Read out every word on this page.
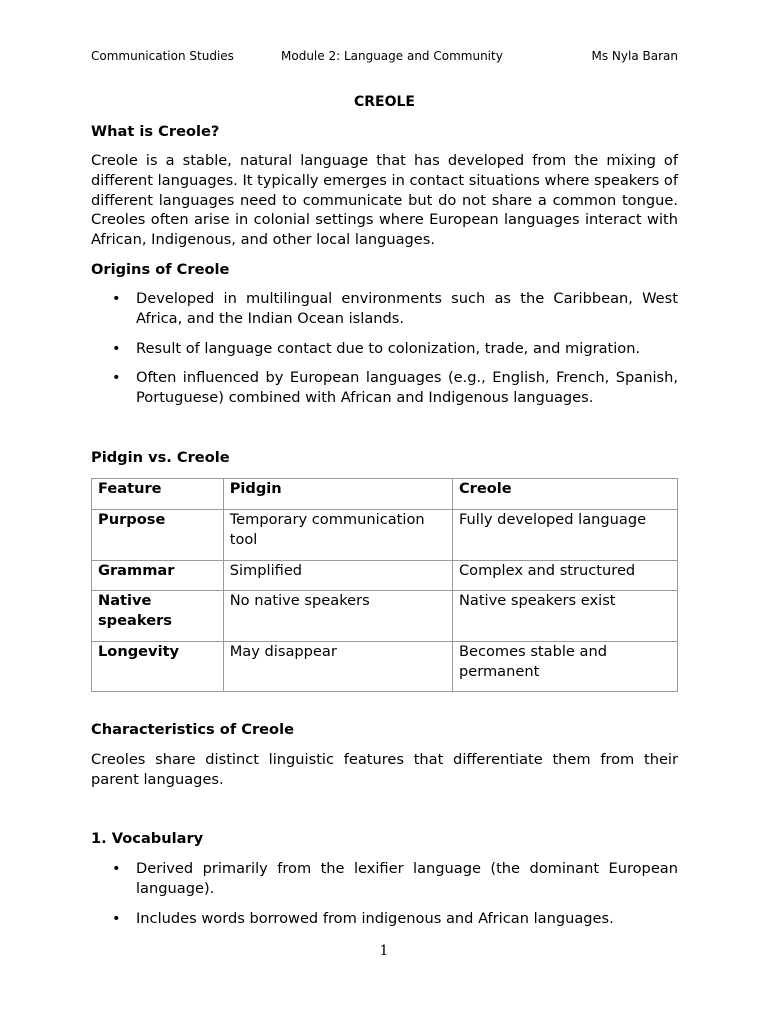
Communication Studies	Module 2: Language and Community	Ms Nyla Baran
CREOLE
What is Creole?
Creole is a stable, natural language that has developed from the mixing of different languages. It typically emerges in contact situations where speakers of different languages need to communicate but do not share a common tongue. Creoles often arise in colonial settings where European languages interact with African, Indigenous, and other local languages.
Origins of Creole
• Developed in multilingual environments such as the Caribbean, West Africa, and the Indian Ocean islands.
• Result of language contact due to colonization, trade, and migration.
• Often influenced by European languages (e.g., English, French, Spanish, Portuguese) combined with African and Indigenous languages.
Pidgin vs. Creole
Feature	Pidgin	Creole
Purpose	Temporary communication tool	Fully developed language
Grammar	Simplified	Complex and structured
Native speakers	No native speakers	Native speakers exist
Longevity	May disappear	Becomes stable and permanent
Characteristics of Creole
Creoles share distinct linguistic features that differentiate them from their parent languages.
1. Vocabulary
• Derived primarily from the lexifier language (the dominant European language).
• Includes words borrowed from indigenous and African languages.
1
